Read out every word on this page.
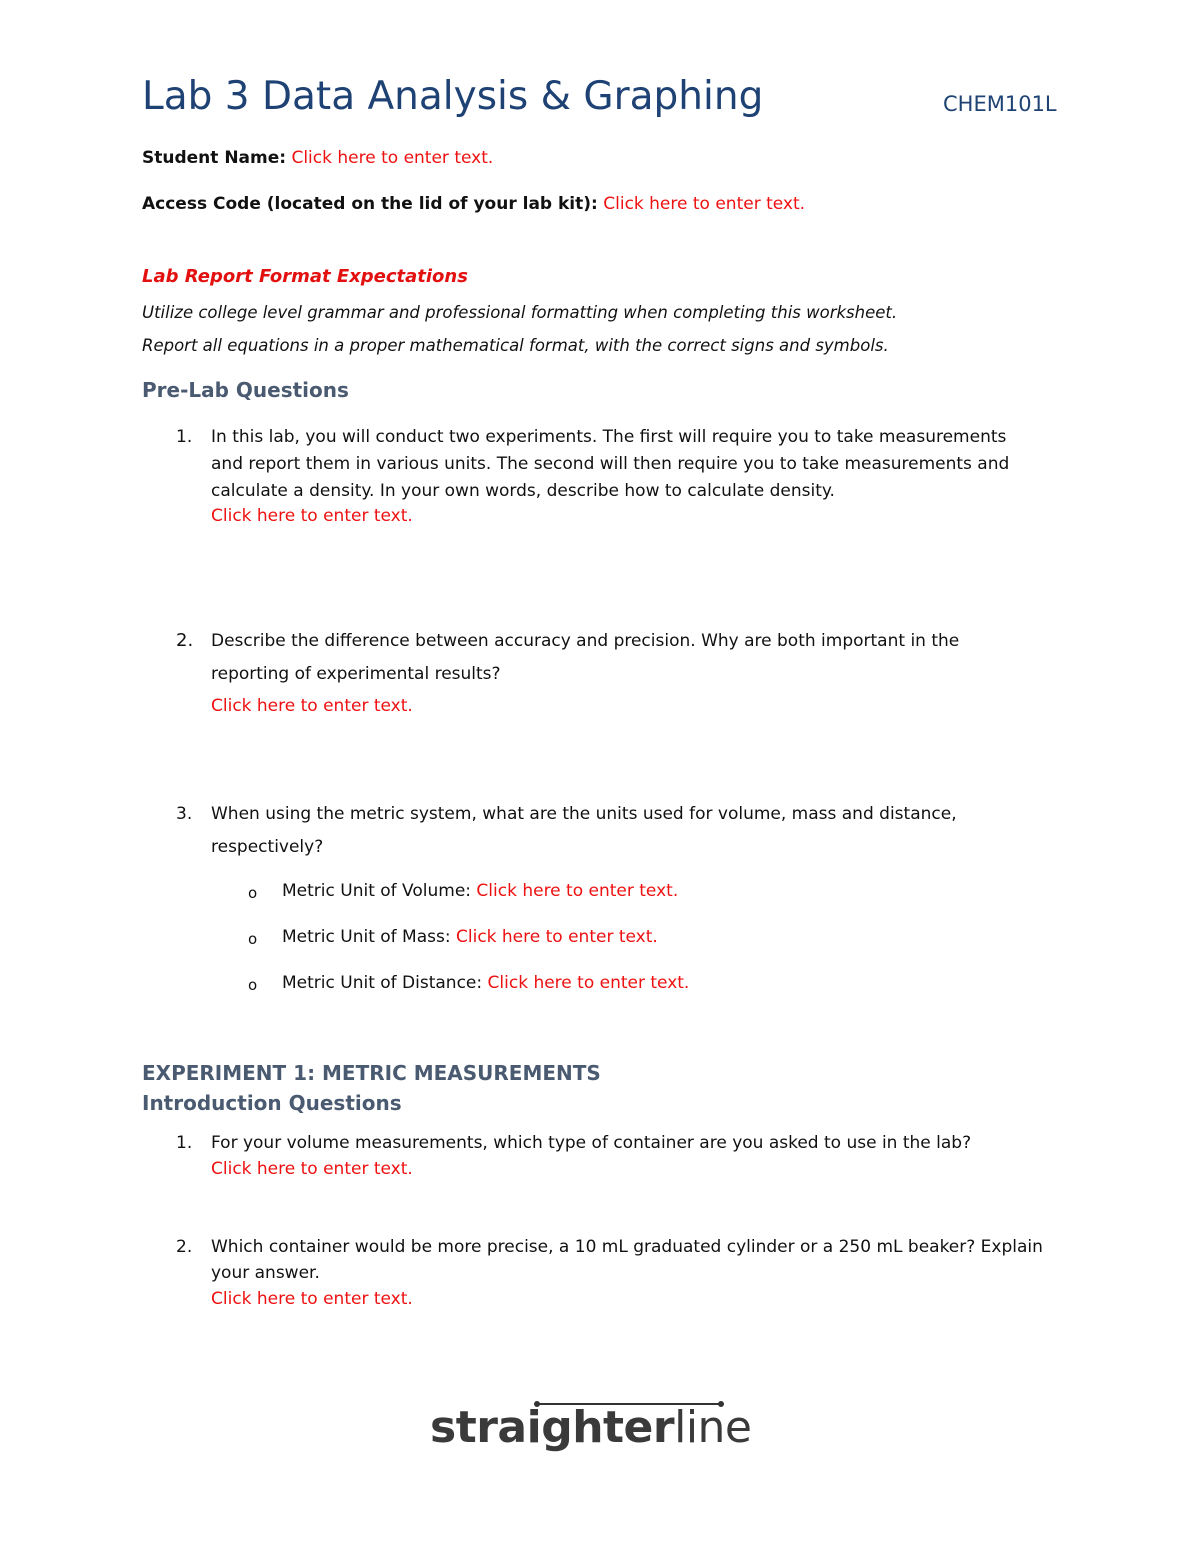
Lab 3 Data Analysis & Graphing	CHEM101L
Student Name: Click here to enter text.
Access Code (located on the lid of your lab kit): Click here to enter text.
Lab Report Format Expectations
Utilize college level grammar and professional formatting when completing this worksheet.
Report all equations in a proper mathematical format, with the correct signs and symbols.
Pre-Lab Questions
1. In this lab, you will conduct two experiments. The first will require you to take measurements
and report them in various units. The second will then require you to take measurements and
calculate a density. In your own words, describe how to calculate density.
Click here to enter text.
2. Describe the difference between accuracy and precision. Why are both important in the
reporting of experimental results?
Click here to enter text.
3. When using the metric system, what are the units used for volume, mass and distance,
respectively?
o Metric Unit of Volume: Click here to enter text.
o Metric Unit of Mass: Click here to enter text.
o Metric Unit of Distance: Click here to enter text.
EXPERIMENT 1: METRIC MEASUREMENTS
Introduction Questions
1. For your volume measurements, which type of container are you asked to use in the lab?
Click here to enter text.
2. Which container would be more precise, a 10 mL graduated cylinder or a 250 mL beaker? Explain
your answer.
Click here to enter text.
straighterline
